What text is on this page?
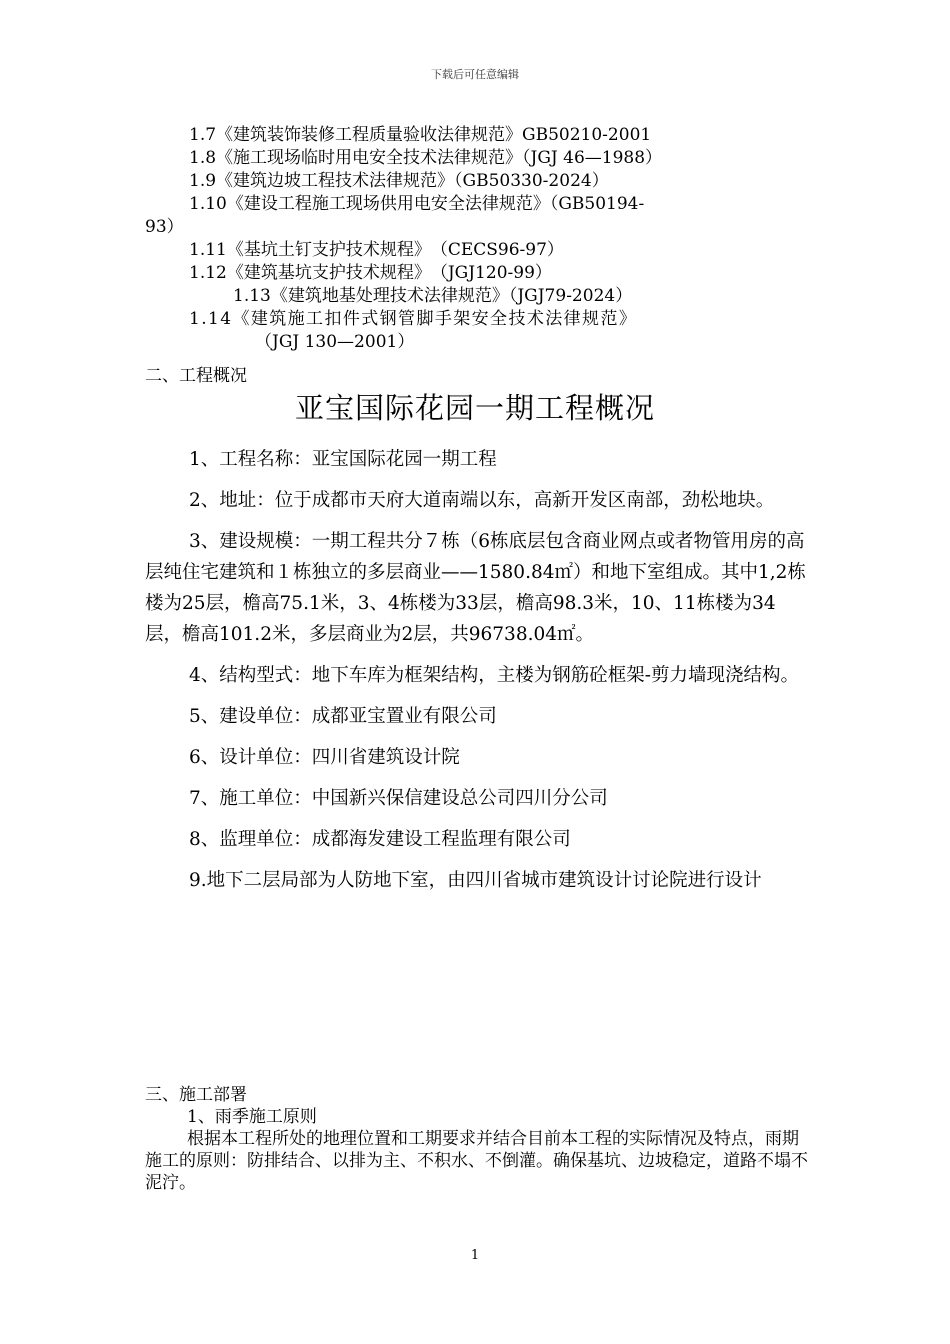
下载后可任意编辑
1.7《建筑装饰装修工程质量验收法律规范》GB50210-2001
1.8《施工现场临时用电安全技术法律规范》（JGJ 46—1988）
1.9《建筑边坡工程技术法律规范》（GB50330-2024）
1.10《建设工程施工现场供用电安全法律规范》（GB50194-
93）
1.11《基坑土钉支护技术规程》　（CECS96-97）
1.12《建筑基坑支护技术规程》　（JGJ120-99）
1.13《建筑地基处理技术法律规范》（JGJ79-2024）
1.14《建筑施工扣件式钢管脚手架安全技术法律规范》
（JGJ 130—2001）
二、工程概况
亚宝国际花园一期工程概况

1、工程名称：亚宝国际花园一期工程

2、地址：位于成都市天府大道南端以东，高新开发区南部，劲松地块。

3、建设规模：一期工程共分７栋（6栋底层包含商业网点或者物管用房的高层纯住宅建筑和１栋独立的多层商业——1580.84㎡）和地下室组成。其中1,2栋楼为25层，檐高75.1米，3、4栋楼为33层，檐高98.3米，10、11栋楼为34层，檐高101.2米，多层商业为2层，共96738.04㎡。

4、结构型式：地下车库为框架结构，主楼为钢筋砼框架-剪力墙现浇结构。

5、建设单位：成都亚宝置业有限公司

6、设计单位：四川省建筑设计院

7、施工单位：中国新兴保信建设总公司四川分公司

8、监理单位：成都海发建设工程监理有限公司

9.地下二层局部为人防地下室，由四川省城市建筑设计讨论院进行设计

三、施工部署
1、雨季施工原则
根据本工程所处的地理位置和工期要求并结合目前本工程的实际情况及特点，雨期施工的原则：防排结合、以排为主、不积水、不倒灌。确保基坑、边坡稳定，道路不塌不泥泞。
1
